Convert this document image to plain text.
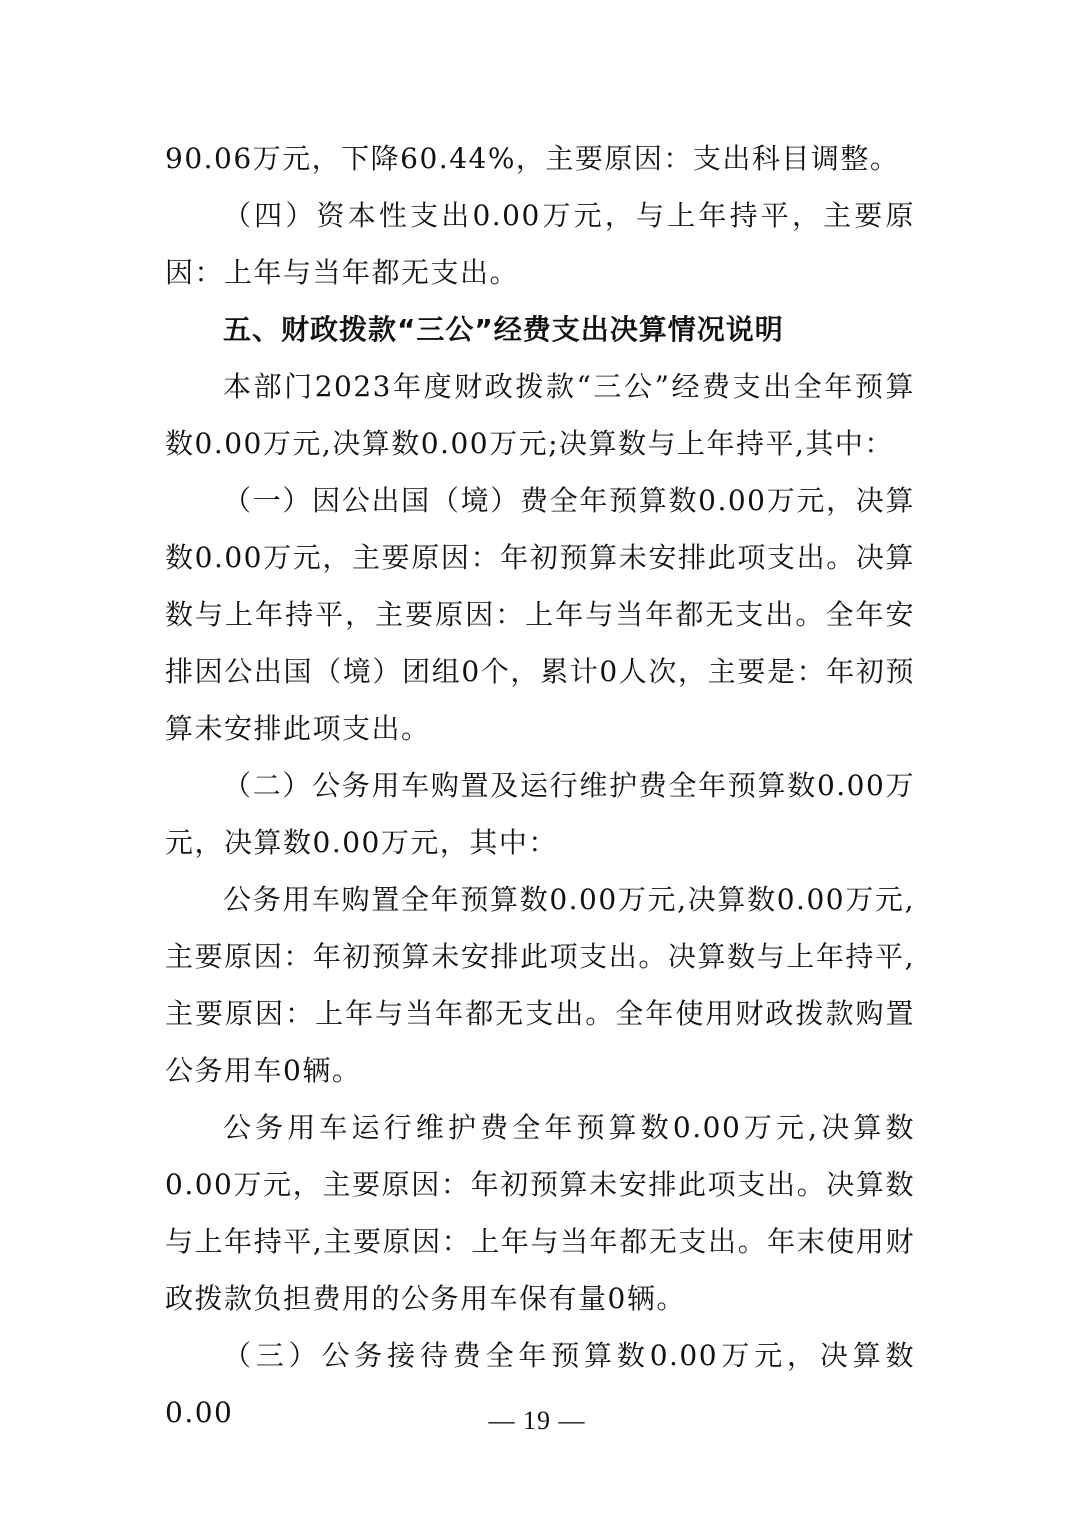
90.06万元，下降60.44%，主要原因：支出科目调整。

（四）资本性支出0.00万元，与上年持平，主要原因：上年与当年都无支出。

五、财政拨款“三公”经费支出决算情况说明

本部门2023年度财政拨款“三公”经费支出全年预算数0.00万元,决算数0.00万元;决算数与上年持平,其中：

（一）因公出国（境）费全年预算数0.00万元，决算数0.00万元，主要原因：年初预算未安排此项支出。决算数与上年持平，主要原因：上年与当年都无支出。全年安排因公出国（境）团组0个，累计0人次，主要是：年初预算未安排此项支出。

（二）公务用车购置及运行维护费全年预算数0.00万元，决算数0.00万元，其中：

公务用车购置全年预算数0.00万元,决算数0.00万元,主要原因：年初预算未安排此项支出。决算数与上年持平,主要原因：上年与当年都无支出。全年使用财政拨款购置公务用车0辆。

公务用车运行维护费全年预算数0.00万元,决算数0.00万元，主要原因：年初预算未安排此项支出。决算数与上年持平,主要原因：上年与当年都无支出。年末使用财政拨款负担费用的公务用车保有量0辆。

（三）公务接待费全年预算数0.00万元，决算数0.00	— 19 —
